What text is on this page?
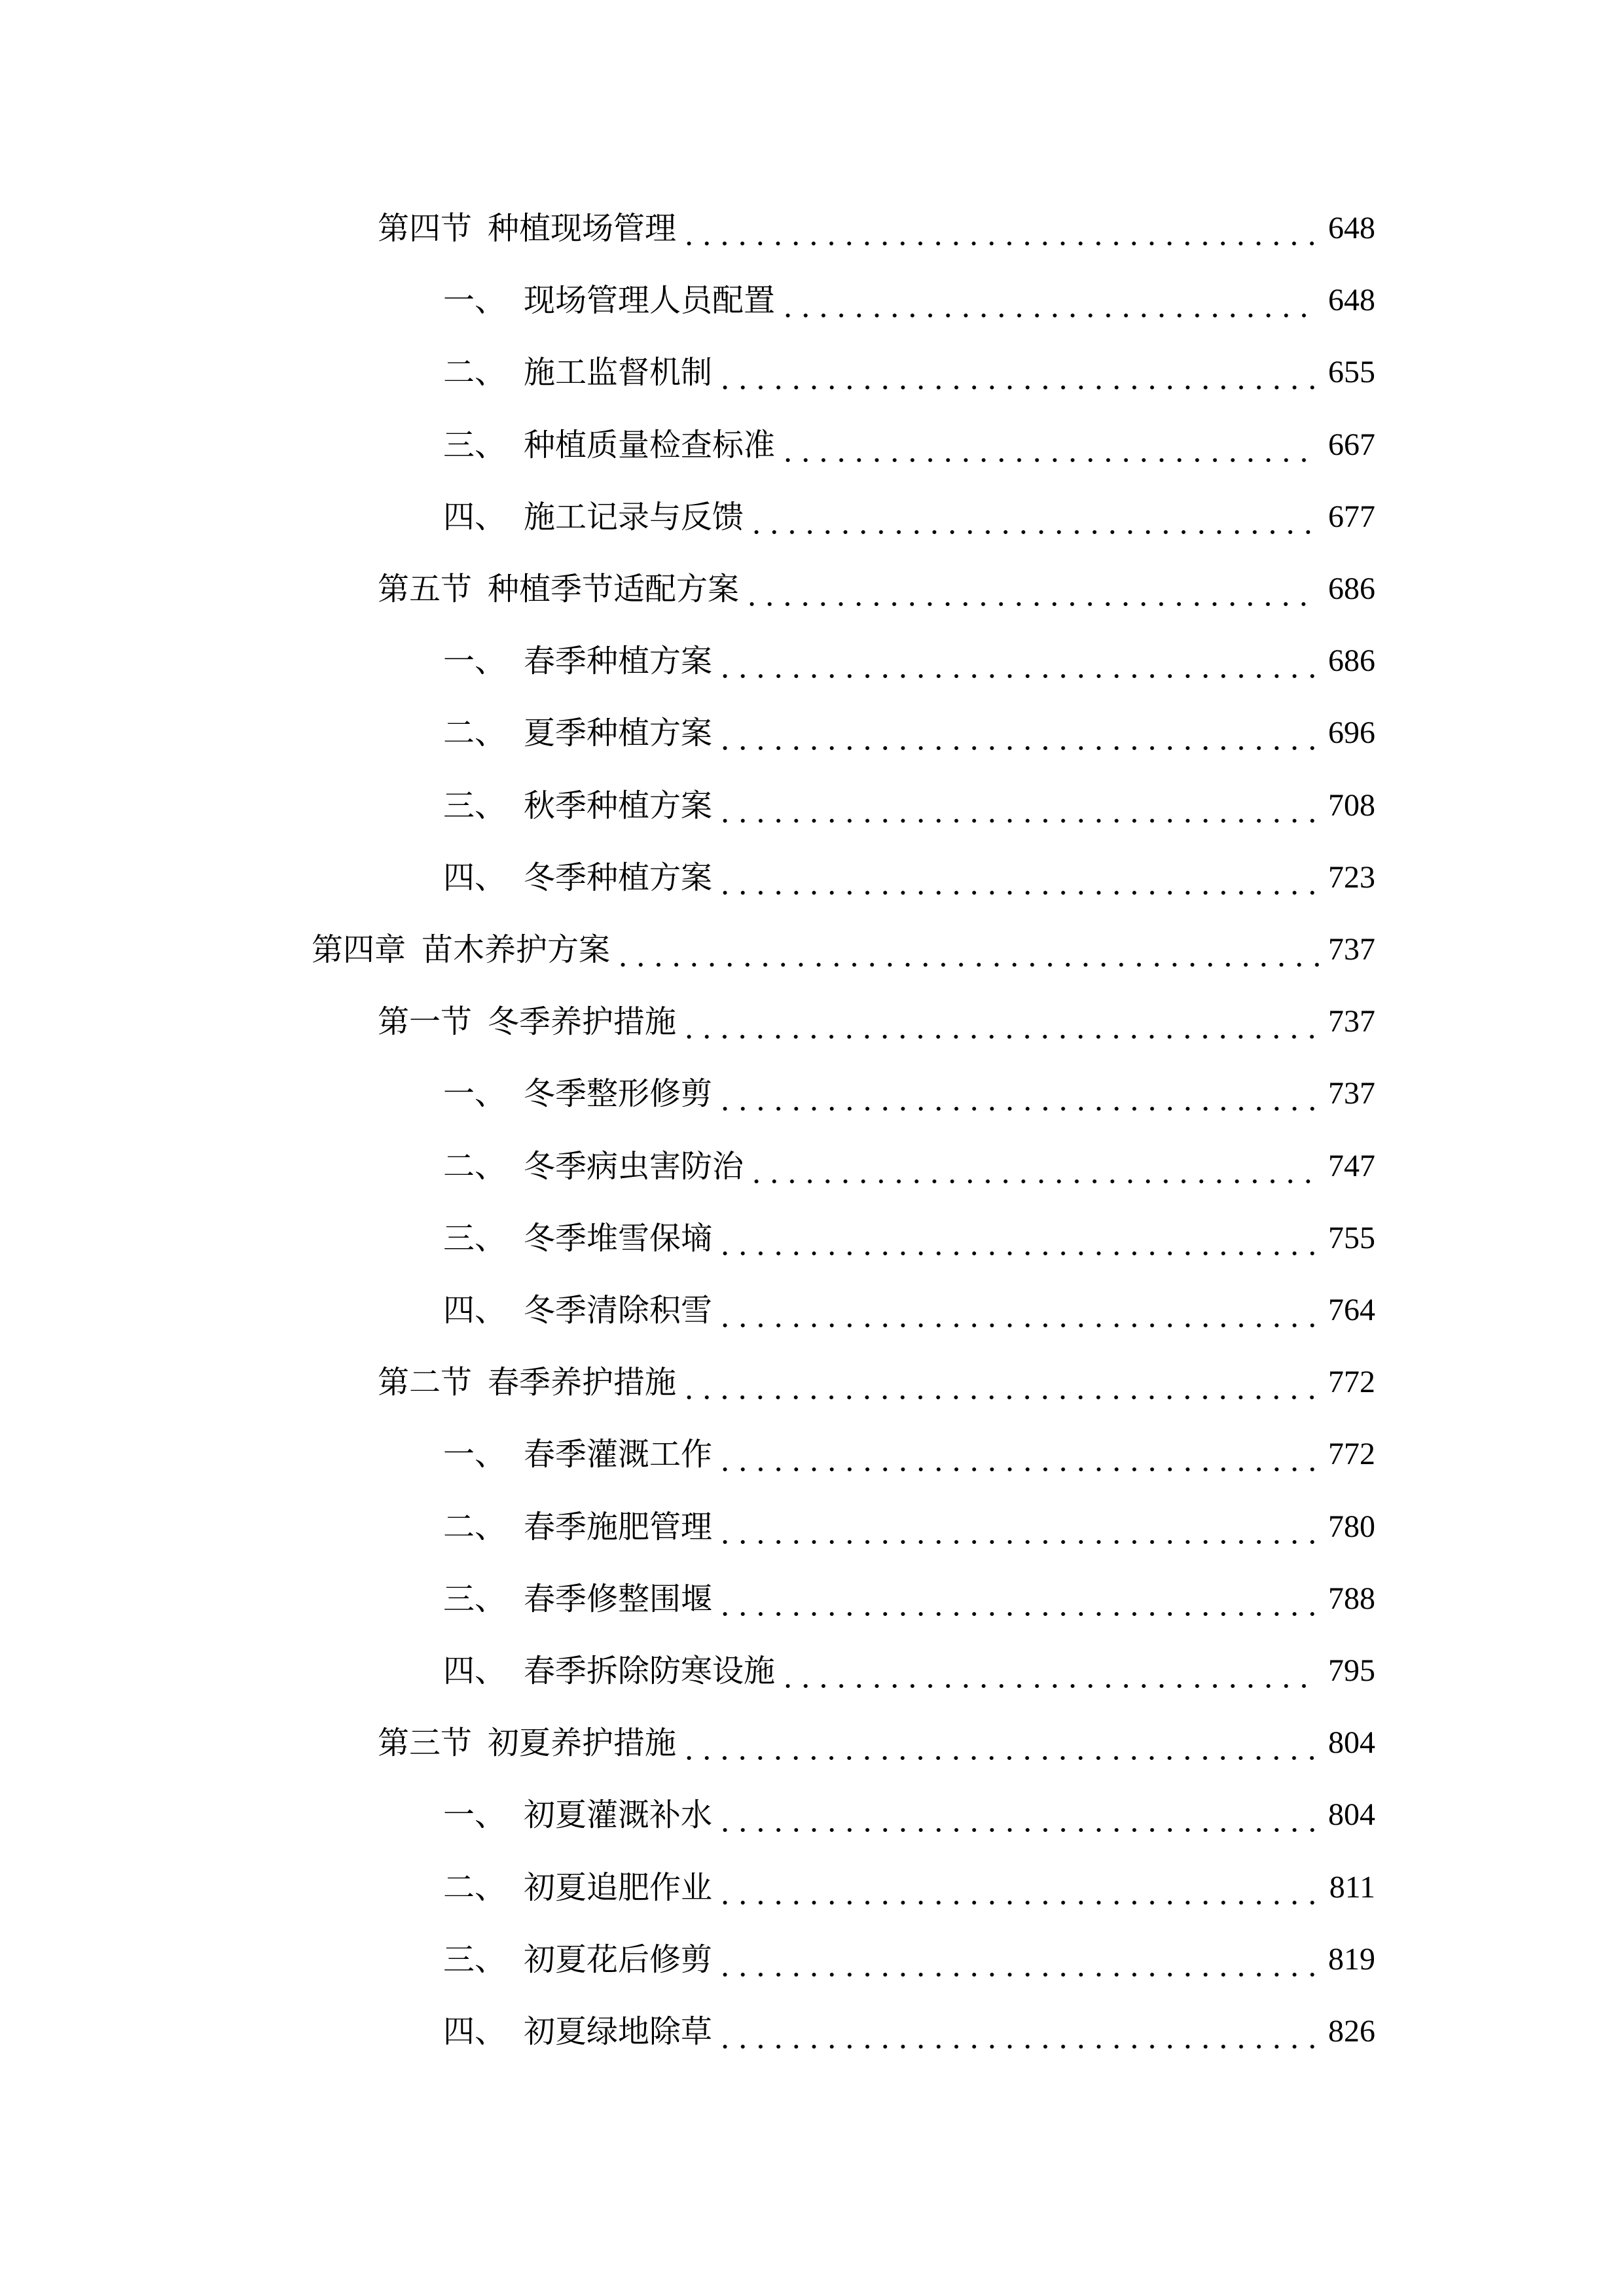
第四节 种植现场管理	648
一、 现场管理人员配置	648
二、 施工监督机制	655
三、 种植质量检查标准	667
四、 施工记录与反馈	677
第五节 种植季节适配方案	686
一、 春季种植方案	686
二、 夏季种植方案	696
三、 秋季种植方案	708
四、 冬季种植方案	723
第四章 苗木养护方案	737
第一节 冬季养护措施	737
一、 冬季整形修剪	737
二、 冬季病虫害防治	747
三、 冬季堆雪保墒	755
四、 冬季清除积雪	764
第二节 春季养护措施	772
一、 春季灌溉工作	772
二、 春季施肥管理	780
三、 春季修整围堰	788
四、 春季拆除防寒设施	795
第三节 初夏养护措施	804
一、 初夏灌溉补水	804
二、 初夏追肥作业	811
三、 初夏花后修剪	819
四、 初夏绿地除草	826
